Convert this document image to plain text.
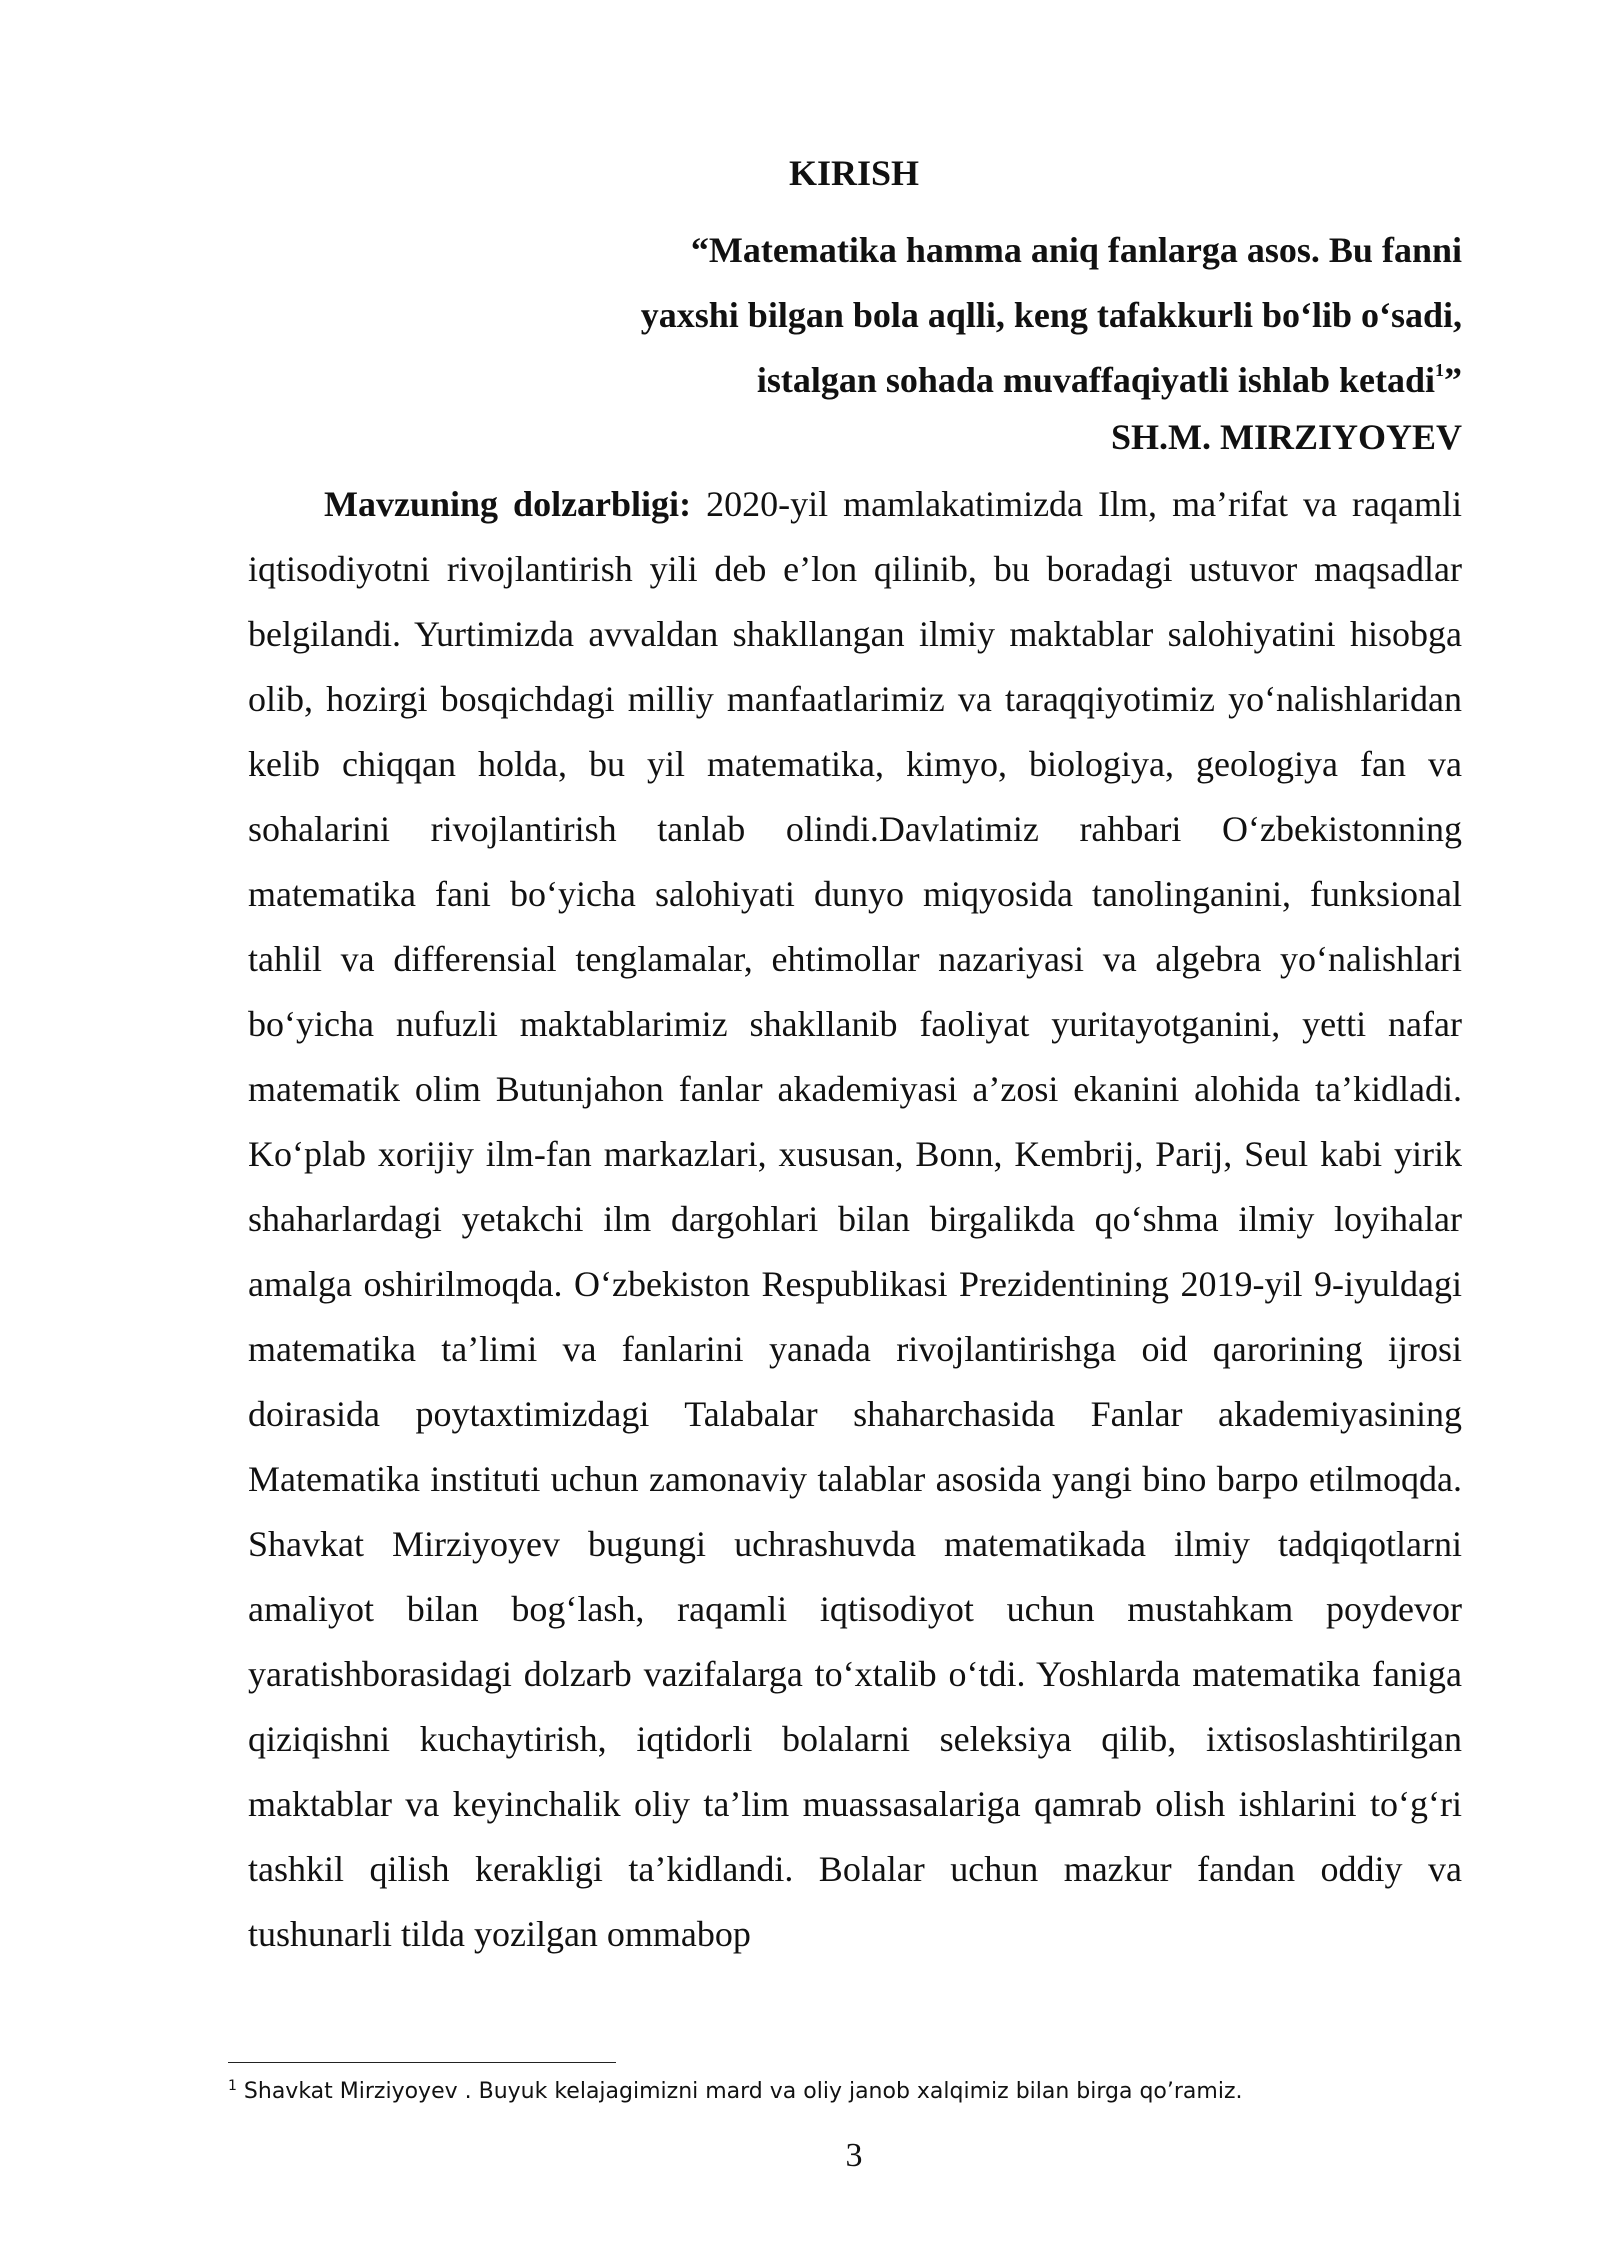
KIRISH
“Matematika hamma aniq fanlarga asos. Bu fanni
yaxshi bilgan bola aqlli, keng tafakkurli bo‘lib o‘sadi,
istalgan sohada muvaffaqiyatli ishlab ketadi$^1$”
SH.M. MIRZIYOYEV

Mavzuning dolzarbligi: 2020-yil mamlakatimizda Ilm, ma’rifat va raqamli iqtisodiyotni rivojlantirish yili deb e’lon qilinib, bu boradagi ustuvor maqsadlar belgilandi. Yurtimizda avvaldan shakllangan ilmiy maktablar salohiyatini hisobga olib, hozirgi bosqichdagi milliy manfaatlarimiz va taraqqiyotimiz yo‘nalishlaridan kelib chiqqan holda, bu yil matematika, kimyo, biologiya, geologiya fan va sohalarini rivojlantirish tanlab olindi.Davlatimiz rahbari O‘zbekistonning matematika fani bo‘yicha salohiyati dunyo miqyosida tanolinganini, funksional tahlil va differensial tenglamalar, ehtimollar nazariyasi va algebra yo‘nalishlari bo‘yicha nufuzli maktablarimiz shakllanib faoliyat yuritayotganini, yetti nafar matematik olim Butunjahon fanlar akademiyasi a’zosi ekanini alohida ta’kidladi. Ko‘plab xorijiy ilm-fan markazlari, xususan, Bonn, Kembrij, Parij, Seul kabi yirik shaharlardagi yetakchi ilm dargohlari bilan birgalikda qo‘shma ilmiy loyihalar amalga oshirilmoqda. O‘zbekiston Respublikasi Prezidentining 2019-yil 9-iyuldagi matematika ta’limi va fanlarini yanada rivojlantirishga oid qarorining ijrosi doirasida poytaxtimizdagi Talabalar shaharchasida Fanlar akademiyasining Matematika instituti uchun zamonaviy talablar asosida yangi bino barpo etilmoqda. Shavkat Mirziyoyev bugungi uchrashuvda matematikada ilmiy tadqiqotlarni amaliyot bilan bog‘lash, raqamli iqtisodiyot uchun mustahkam poydevor yaratishborasidagi dolzarb vazifalarga to‘xtalib o‘tdi. Yoshlarda matematika faniga qiziqishni kuchaytirish, iqtidorli bolalarni seleksiya qilib, ixtisoslashtirilgan maktablar va keyinchalik oliy ta’lim muassasalariga qamrab olish ishlarini to‘g‘ri tashkil qilish kerakligi ta’kidlandi. Bolalar uchun mazkur fandan oddiy va tushunarli tilda yozilgan ommabop

$^1$ Shavkat Mirziyoyev . Buyuk kelajagimizni mard va oliy janob xalqimiz bilan birga qo’ramiz.
3
